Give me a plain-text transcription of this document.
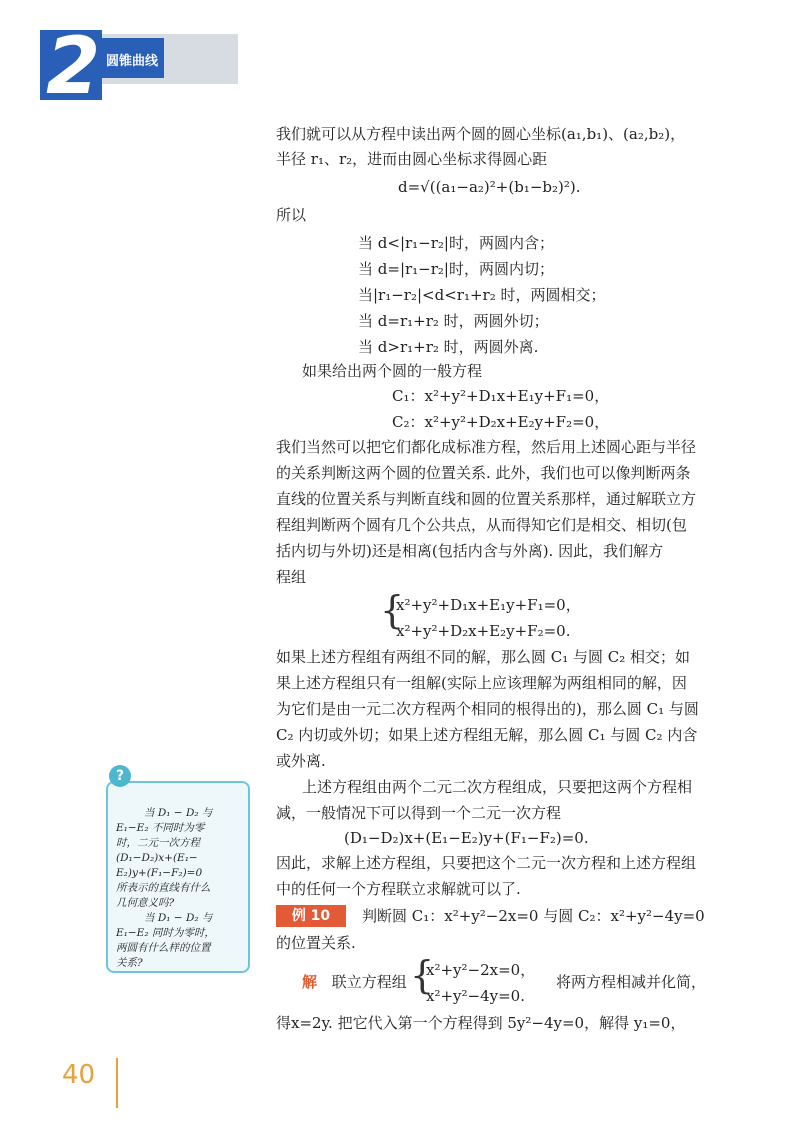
2 圆锥曲线
我们就可以从方程中读出两个圆的圆心坐标(a₁,b₁)、(a₂,b₂)，
半径 r₁、r₂，进而由圆心坐标求得圆心距
d=√((a₁−a₂)²+(b₁−b₂)²).
所以
当 d<|r₁−r₂|时，两圆内含；
当 d=|r₁−r₂|时，两圆内切；
当|r₁−r₂|<d<r₁+r₂ 时，两圆相交；
当 d=r₁+r₂ 时，两圆外切；
当 d>r₁+r₂ 时，两圆外离.
如果给出两个圆的一般方程
C₁：x²+y²+D₁x+E₁y+F₁=0，
C₂：x²+y²+D₂x+E₂y+F₂=0，
我们当然可以把它们都化成标准方程，然后用上述圆心距与半径
的关系判断这两个圆的位置关系. 此外，我们也可以像判断两条
直线的位置关系与判断直线和圆的位置关系那样，通过解联立方
程组判断两个圆有几个公共点，从而得知它们是相交、相切(包
括内切与外切)还是相离(包括内含与外离). 因此，我们解方
程组
x²+y²+D₁x+E₁y+F₁=0，
x²+y²+D₂x+E₂y+F₂=0.
如果上述方程组有两组不同的解，那么圆 C₁ 与圆 C₂ 相交；如
果上述方程组只有一组解(实际上应该理解为两组相同的解，因
为它们是由一元二次方程两个相同的根得出的)，那么圆 C₁ 与圆
C₂ 内切或外切；如果上述方程组无解，那么圆 C₁ 与圆 C₂ 内含
或外离.
上述方程组由两个二元二次方程组成，只要把这两个方程相
减，一般情况下可以得到一个二元一次方程
(D₁−D₂)x+(E₁−E₂)y+(F₁−F₂)=0.
因此，求解上述方程组，只要把这个二元一次方程和上述方程组
中的任何一个方程联立求解就可以了.
判断圆 C₁：x²+y²−2x=0 与圆 C₂：x²+y²−4y=0
的位置关系.
x²+y²−2x=0，
x²+y²−4y=0.
得x=2y. 把它代入第一个方程得到 5y²−4y=0，解得 y₁=0，
{
{
例 10
解 联立方程组	将两方程相减并化简，
?
当 D₁ − D₂ 与
E₁−E₂ 不同时为零
时，二元一次方程
(D₁−D₂)x+(E₁−
E₂)y+(F₁−F₂)=0
所表示的直线有什么
几何意义吗?
当 D₁ − D₂ 与
E₁−E₂ 同时为零时，
两圆有什么样的位置
关系?
40
